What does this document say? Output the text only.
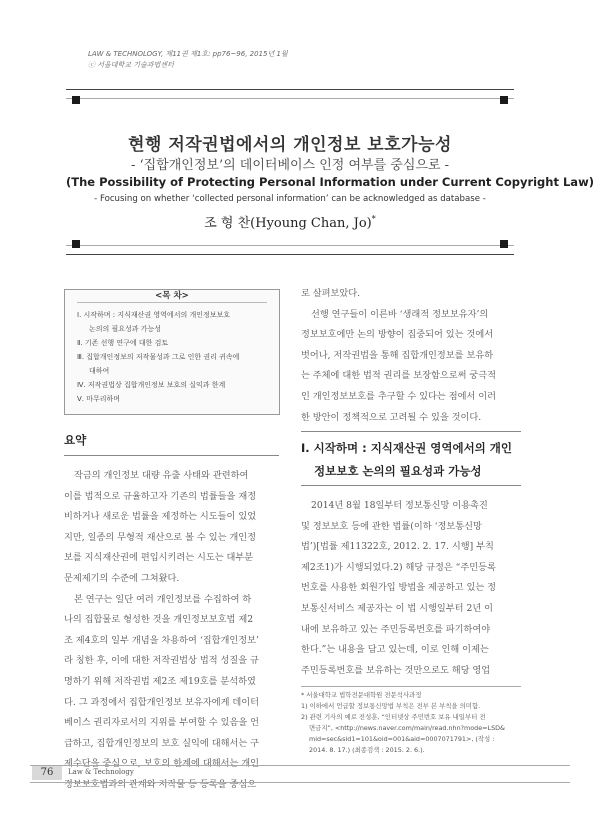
LAW & TECHNOLOGY, 제11권 제1호: pp76~96, 2015년 1월
ⓒ 서울대학교 기술과법센터
현행 저작권법에서의 개인정보 보호가능성
- ‘집합개인정보’의 데이터베이스 인정 여부를 중심으로 -
(The Possibility of Protecting Personal Information under Current Copyright Law)
- Focusing on whether ‘collected personal information’ can be acknowledged as database -
조 형 찬(Hyoung Chan, Jo)*
<목 차>
Ⅰ. 시작하며 : 지식재산권 영역에서의 개인정보보호
논의의 필요성과 가능성
Ⅱ. 기존 선행 연구에 대한 검토
Ⅲ. 집합개인정보의 저작물성과 그로 인한 권리 귀속에
대하여
Ⅳ. 저작권법상 집합개인정보 보호의 실익과 한계
Ⅴ. 마무리하며
요약
작금의 개인정보 대량 유출 사태와 관련하여
이를 법적으로 규율하고자 기존의 법률들을 재정
비하거나 새로운 법률을 제정하는 시도들이 있었
지만, 일종의 무형적 재산으로 볼 수 있는 개인정
보를 지식재산권에 편입시키려는 시도는 대부분
문제제기의 수준에 그쳐왔다.
본 연구는 일단 여러 개인정보를 수집하여 하
나의 집합물로 형성한 것을 개인정보보호법 제2
조 제4호의 일부 개념을 차용하여 ‘집합개인정보’
라 칭한 후, 이에 대한 저작권법상 법적 성질을 규
명하기 위해 저작권법 제2조 제19호를 분석하였
다. 그 과정에서 집합개인정보 보유자에게 데이터
베이스 권리자로서의 지위를 부여할 수 있음을 언
급하고, 집합개인정보의 보호 실익에 대해서는 구
제수단을 중심으로, 보호의 한계에 대해서는 개인
정보보호법과의 관계와 저작물 등 등록을 중심으
로 살펴보았다.
선행 연구들이 이른바 ‘생래적 정보보유자’의
정보보호에만 논의 방향이 집중되어 있는 것에서
벗어나, 저작권법을 통해 집합개인정보를 보유하
는 주체에 대한 법적 권리를 보장함으로써 궁극적
인 개인정보보호를 추구할 수 있다는 점에서 이러
한 방안이 정책적으로 고려될 수 있을 것이다.
Ⅰ. 시작하며 : 지식재산권 영역에서의 개인
정보보호 논의의 필요성과 가능성
2014년 8월 18일부터 정보통신망 이용촉진
및 정보보호 등에 관한 법률(이하 ‘정보통신망
법’)[법률 제11322호, 2012. 2. 17. 시행] 부칙
제2조1)가 시행되었다.2) 해당 규정은 “주민등록
번호를 사용한 회원가입 방법을 제공하고 있는 정
보통신서비스 제공자는 이 법 시행일부터 2년 이
내에 보유하고 있는 주민등록번호를 파기하여야
한다.”는 내용을 담고 있는데, 이로 인해 이제는
주민등록번호를 보유하는 것만으로도 해당 영업
* 서울대학교 법학전문대학원 전문석사과정
1) 이하에서 언급할 정보통신망법 부칙은 전부 본 부칙을 의미함.
2) 관련 기사의 예로 전성훈, “인터넷상 주민번호 보유 내일부터 전
면금지”, <http://news.naver.com/main/read.nhn?mode=LSD&
mid=sec&sid1=101&oid=001&aid=0007071791>, (작성 :
2014. 8. 17.) (최종검색 : 2015. 2. 6.).
76	Law & Technology
